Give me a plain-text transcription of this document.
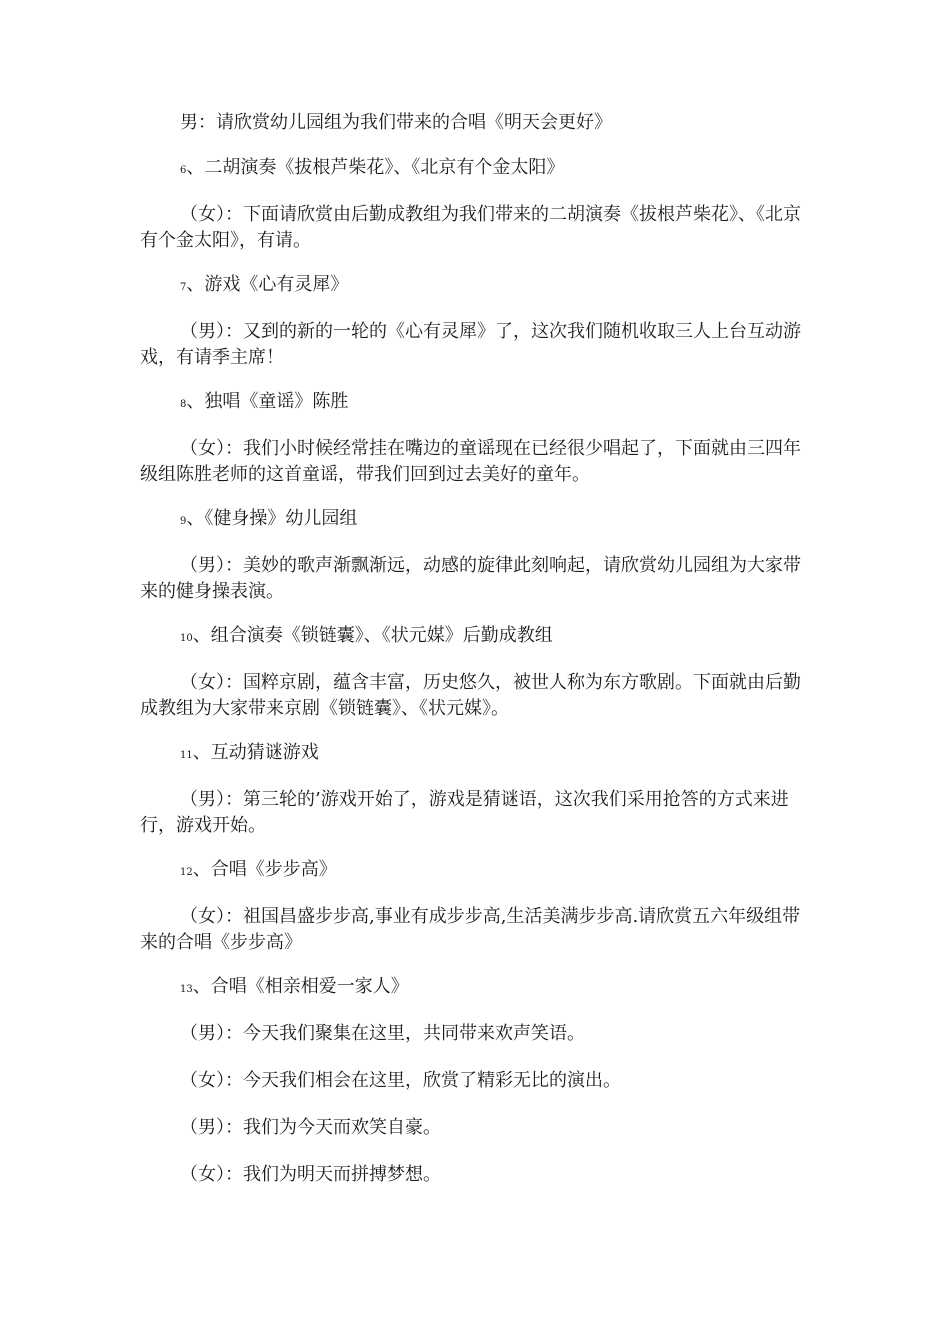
男：请欣赏幼儿园组为我们带来的合唱《明天会更好》
6、二胡演奏《拔根芦柴花》、《北京有个金太阳》
（女）：下面请欣赏由后勤成教组为我们带来的二胡演奏《拔根芦柴花》、《北京有个金太阳》，有请。
7、游戏《心有灵犀》
（男）：又到的新的一轮的《心有灵犀》了，这次我们随机收取三人上台互动游戏，有请季主席！
8、独唱《童谣》陈胜
（女）：我们小时候经常挂在嘴边的童谣现在已经很少唱起了，下面就由三四年级组陈胜老师的这首童谣，带我们回到过去美好的童年。
9、《健身操》幼儿园组
（男）：美妙的歌声渐飘渐远，动感的旋律此刻响起，请欣赏幼儿园组为大家带来的健身操表演。
10、组合演奏《锁链囊》、《状元媒》后勤成教组
（女）：国粹京剧，蕴含丰富，历史悠久，被世人称为东方歌剧。下面就由后勤成教组为大家带来京剧《锁链囊》、《状元媒》。
11、互动猜谜游戏
（男）：第三轮的’游戏开始了，游戏是猜谜语，这次我们采用抢答的方式来进行，游戏开始。
12、合唱《步步高》
（女）：祖国昌盛步步高,事业有成步步高,生活美满步步高.请欣赏五六年级组带来的合唱《步步高》
13、合唱《相亲相爱一家人》
（男）：今天我们聚集在这里，共同带来欢声笑语。
（女）：今天我们相会在这里，欣赏了精彩无比的演出。
（男）：我们为今天而欢笑自豪。
（女）：我们为明天而拼搏梦想。
